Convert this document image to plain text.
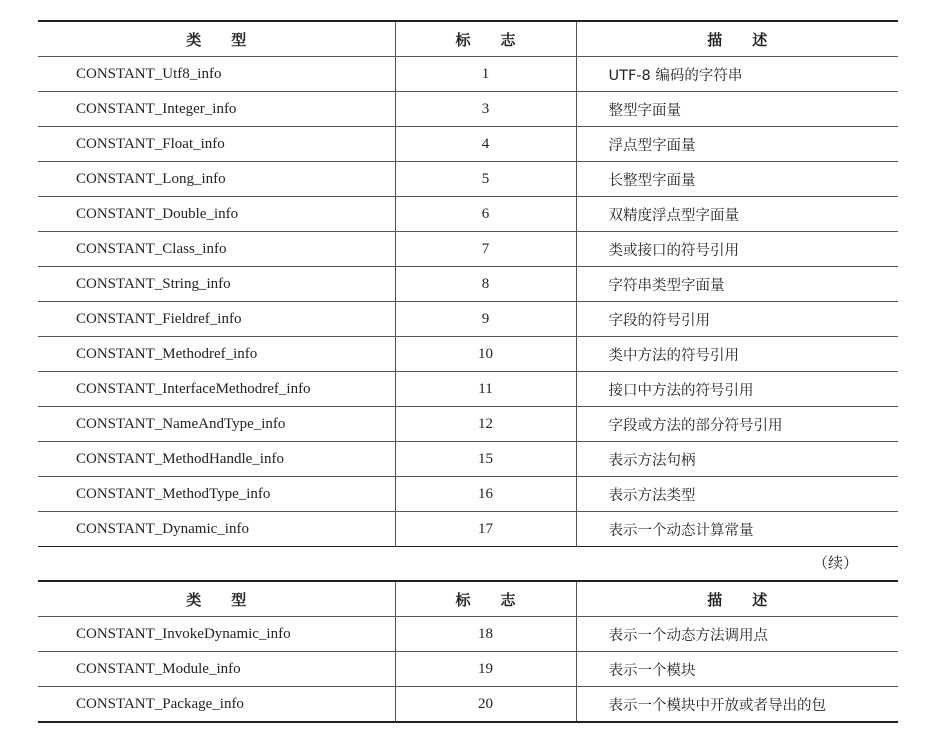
类　　型	标　　志	描　　述
CONSTANT_Utf8_info	1	UTF-8 编码的字符串
CONSTANT_Integer_info	3	整型字面量
CONSTANT_Float_info	4	浮点型字面量
CONSTANT_Long_info	5	长整型字面量
CONSTANT_Double_info	6	双精度浮点型字面量
CONSTANT_Class_info	7	类或接口的符号引用
CONSTANT_String_info	8	字符串类型字面量
CONSTANT_Fieldref_info	9	字段的符号引用
CONSTANT_Methodref_info	10	类中方法的符号引用
CONSTANT_InterfaceMethodref_info	11	接口中方法的符号引用
CONSTANT_NameAndType_info	12	字段或方法的部分符号引用
CONSTANT_MethodHandle_info	15	表示方法句柄
CONSTANT_MethodType_info	16	表示方法类型
CONSTANT_Dynamic_info	17	表示一个动态计算常量
（续）
类　　型	标　　志	描　　述
CONSTANT_InvokeDynamic_info	18	表示一个动态方法调用点
CONSTANT_Module_info	19	表示一个模块
CONSTANT_Package_info	20	表示一个模块中开放或者导出的包
